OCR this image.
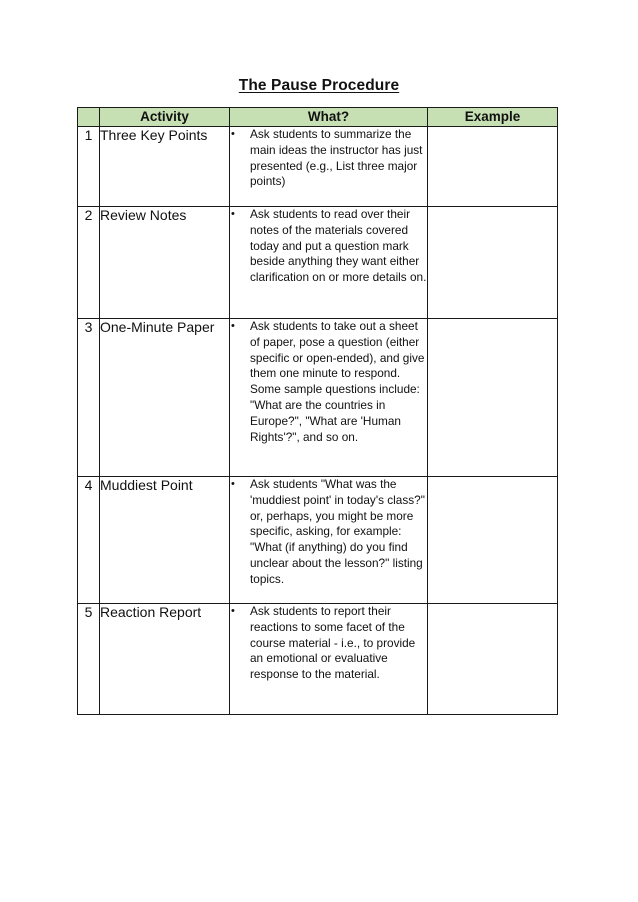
The Pause Procedure
	Activity	What?	Example
1	Three Key Points	• Ask students to summarize the main ideas the instructor has just presented (e.g., List three major points)	

2	Review Notes	• Ask students to read over their notes of the materials covered today and put a question mark beside anything they want either clarification on or more details on.	

3	One-Minute Paper	• Ask students to take out a sheet of paper, pose a question (either specific or open-ended), and give them one minute to respond. Some sample questions include: "What are the countries in Europe?", "What are 'Human Rights'?", and so on.	

4	Muddiest Point	• Ask students "What was the 'muddiest point' in today's class?" or, perhaps, you might be more specific, asking, for example: "What (if anything) do you find unclear about the lesson?" listing topics.	

5	Reaction Report	• Ask students to report their reactions to some facet of the course material - i.e., to provide an emotional or evaluative response to the material.	
